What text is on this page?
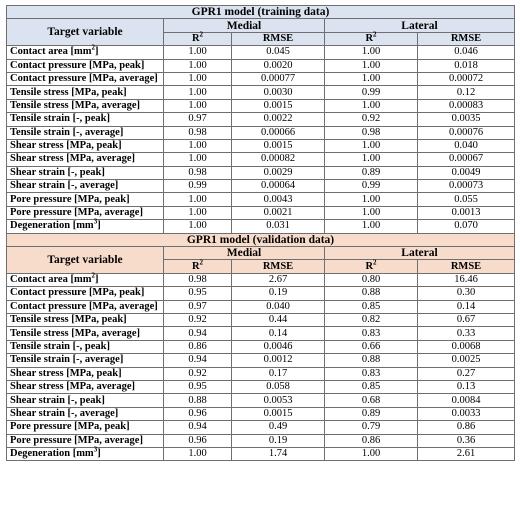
GPR1 model (training data)				
Target variable	Medial		Lateral	
	$R^2$	RMSE	$R^2$	RMSE
Contact area $[mm^2]$	1.00	0.045	1.00	0.046
Contact pressure [MPa, peak]	1.00	0.0020	1.00	0.018
Contact pressure [MPa, average]	1.00	0.00077	1.00	0.00072
Tensile stress [MPa, peak]	1.00	0.0030	0.99	0.12
Tensile stress [MPa, average]	1.00	0.0015	1.00	0.00083
Tensile strain [-, peak]	0.97	0.0022	0.92	0.0035
Tensile strain [-, average]	0.98	0.00066	0.98	0.00076
Shear stress [MPa, peak]	1.00	0.0015	1.00	0.040
Shear stress [MPa, average]	1.00	0.00082	1.00	0.00067
Shear strain [-, peak]	0.98	0.0029	0.89	0.0049
Shear strain [-, average]	0.99	0.00064	0.99	0.00073
Pore pressure [MPa, peak]	1.00	0.0043	1.00	0.055
Pore pressure [MPa, average]	1.00	0.0021	1.00	0.0013
Degeneration $[mm^3]$	1.00	0.031	1.00	0.070
GPR1 model (validation data)				
Target variable	Medial		Lateral	
	$R^2$	RMSE	$R^2$	RMSE
Contact area $[mm^2]$	0.98	2.67	0.80	16.46
Contact pressure [MPa, peak]	0.95	0.19	0.88	0.30
Contact pressure [MPa, average]	0.97	0.040	0.85	0.14
Tensile stress [MPa, peak]	0.92	0.44	0.82	0.67
Tensile stress [MPa, average]	0.94	0.14	0.83	0.33
Tensile strain [-, peak]	0.86	0.0046	0.66	0.0068
Tensile strain [-, average]	0.94	0.0012	0.88	0.0025
Shear stress [MPa, peak]	0.92	0.17	0.83	0.27
Shear stress [MPa, average]	0.95	0.058	0.85	0.13
Shear strain [-, peak]	0.88	0.0053	0.68	0.0084
Shear strain [-, average]	0.96	0.0015	0.89	0.0033
Pore pressure [MPa, peak]	0.94	0.49	0.79	0.86
Pore pressure [MPa, average]	0.96	0.19	0.86	0.36
Degeneration $[mm^3]$	1.00	1.74	1.00	2.61
